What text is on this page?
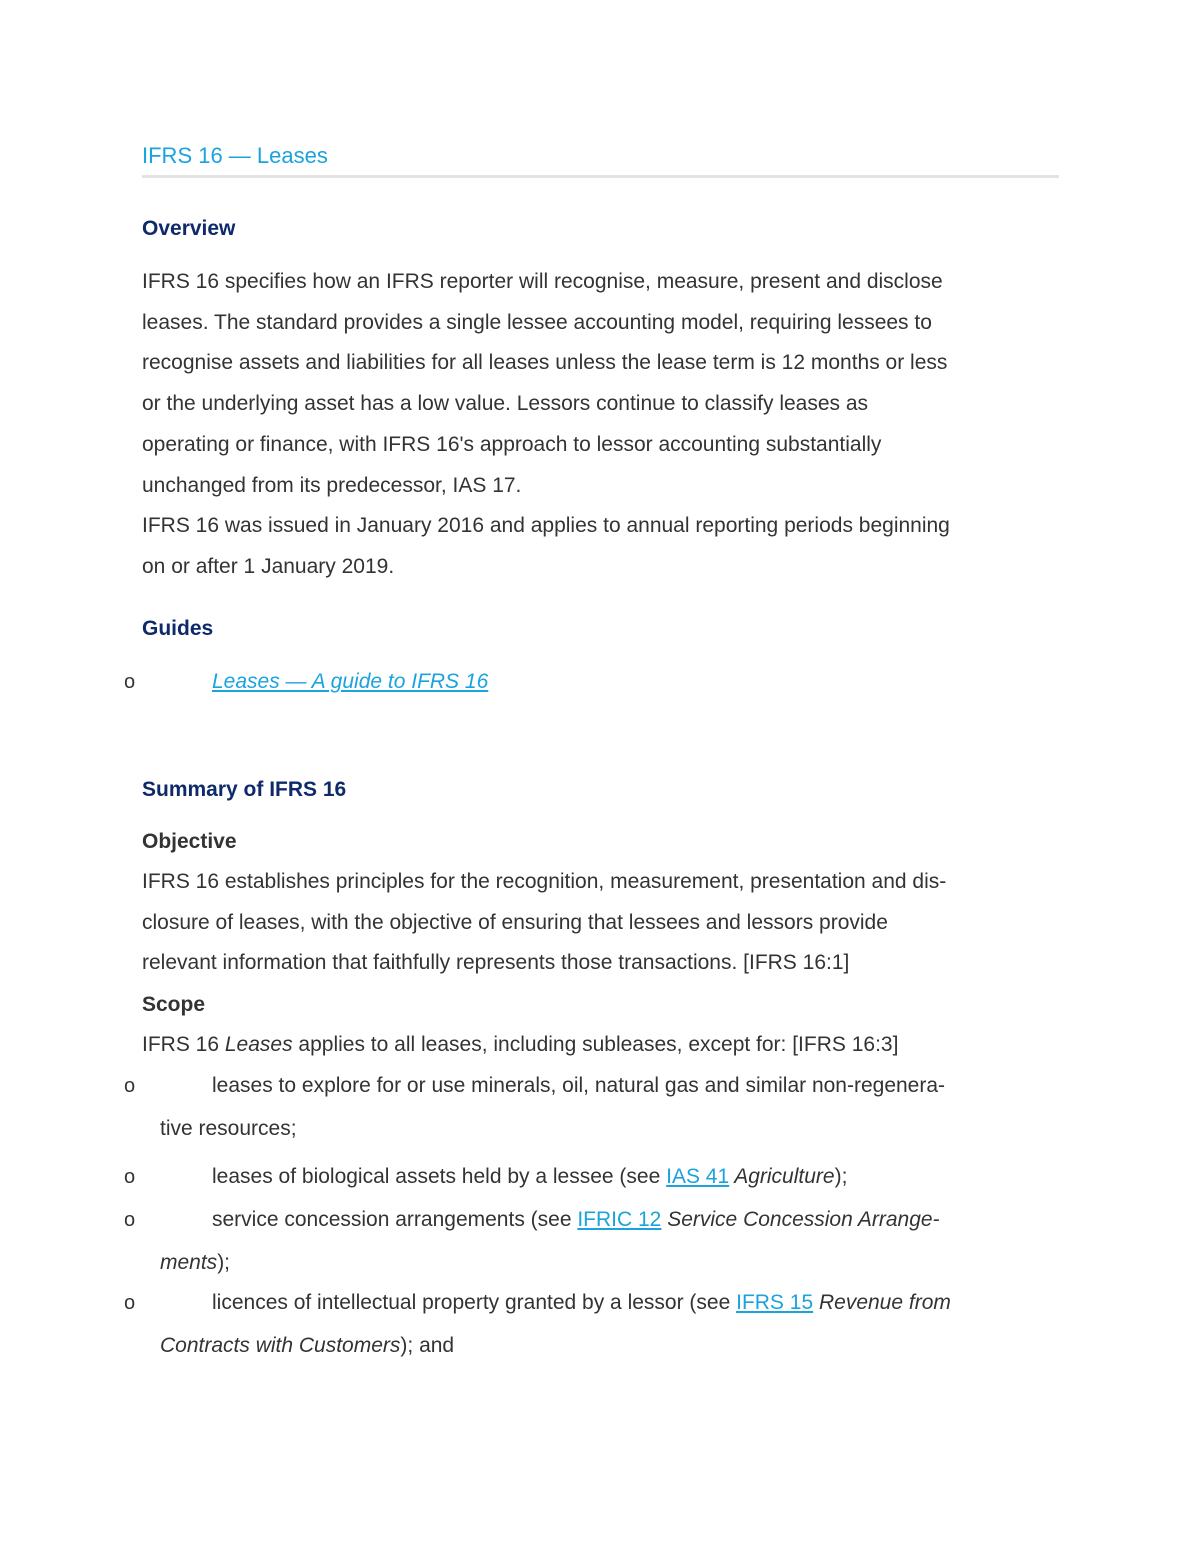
IFRS 16 — Leases
Overview

IFRS 16 specifies how an IFRS reporter will recognise, measure, present and disclose

leases. The standard provides a single lessee accounting model, requiring lessees to

recognise assets and liabilities for all leases unless the lease term is 12 months or less

or the underlying asset has a low value. Lessors continue to classify leases as

operating or finance, with IFRS 16's approach to lessor accounting substantially

unchanged from its predecessor, IAS 17.

IFRS 16 was issued in January 2016 and applies to annual reporting periods beginning

on or after 1 January 2019.

Guides
o	Leases — A guide to IFRS 16
Summary of IFRS 16
Objective

IFRS 16 establishes principles for the recognition, measurement, presentation and dis-

closure of leases, with the objective of ensuring that lessees and lessors provide

relevant information that faithfully represents those transactions. [IFRS 16:1]

Scope
IFRS 16 Leases applies to all leases, including subleases, except for: [IFRS 16:3]
o	leases to explore for or use minerals, oil, natural gas and similar non-regenera-
tive resources;
o	leases of biological assets held by a lessee (see IAS 41 Agriculture);
o	service concession arrangements (see IFRIC 12 Service Concession Arrange-
ments);
o	licences of intellectual property granted by a lessor (see IFRS 15 Revenue from
Contracts with Customers); and
